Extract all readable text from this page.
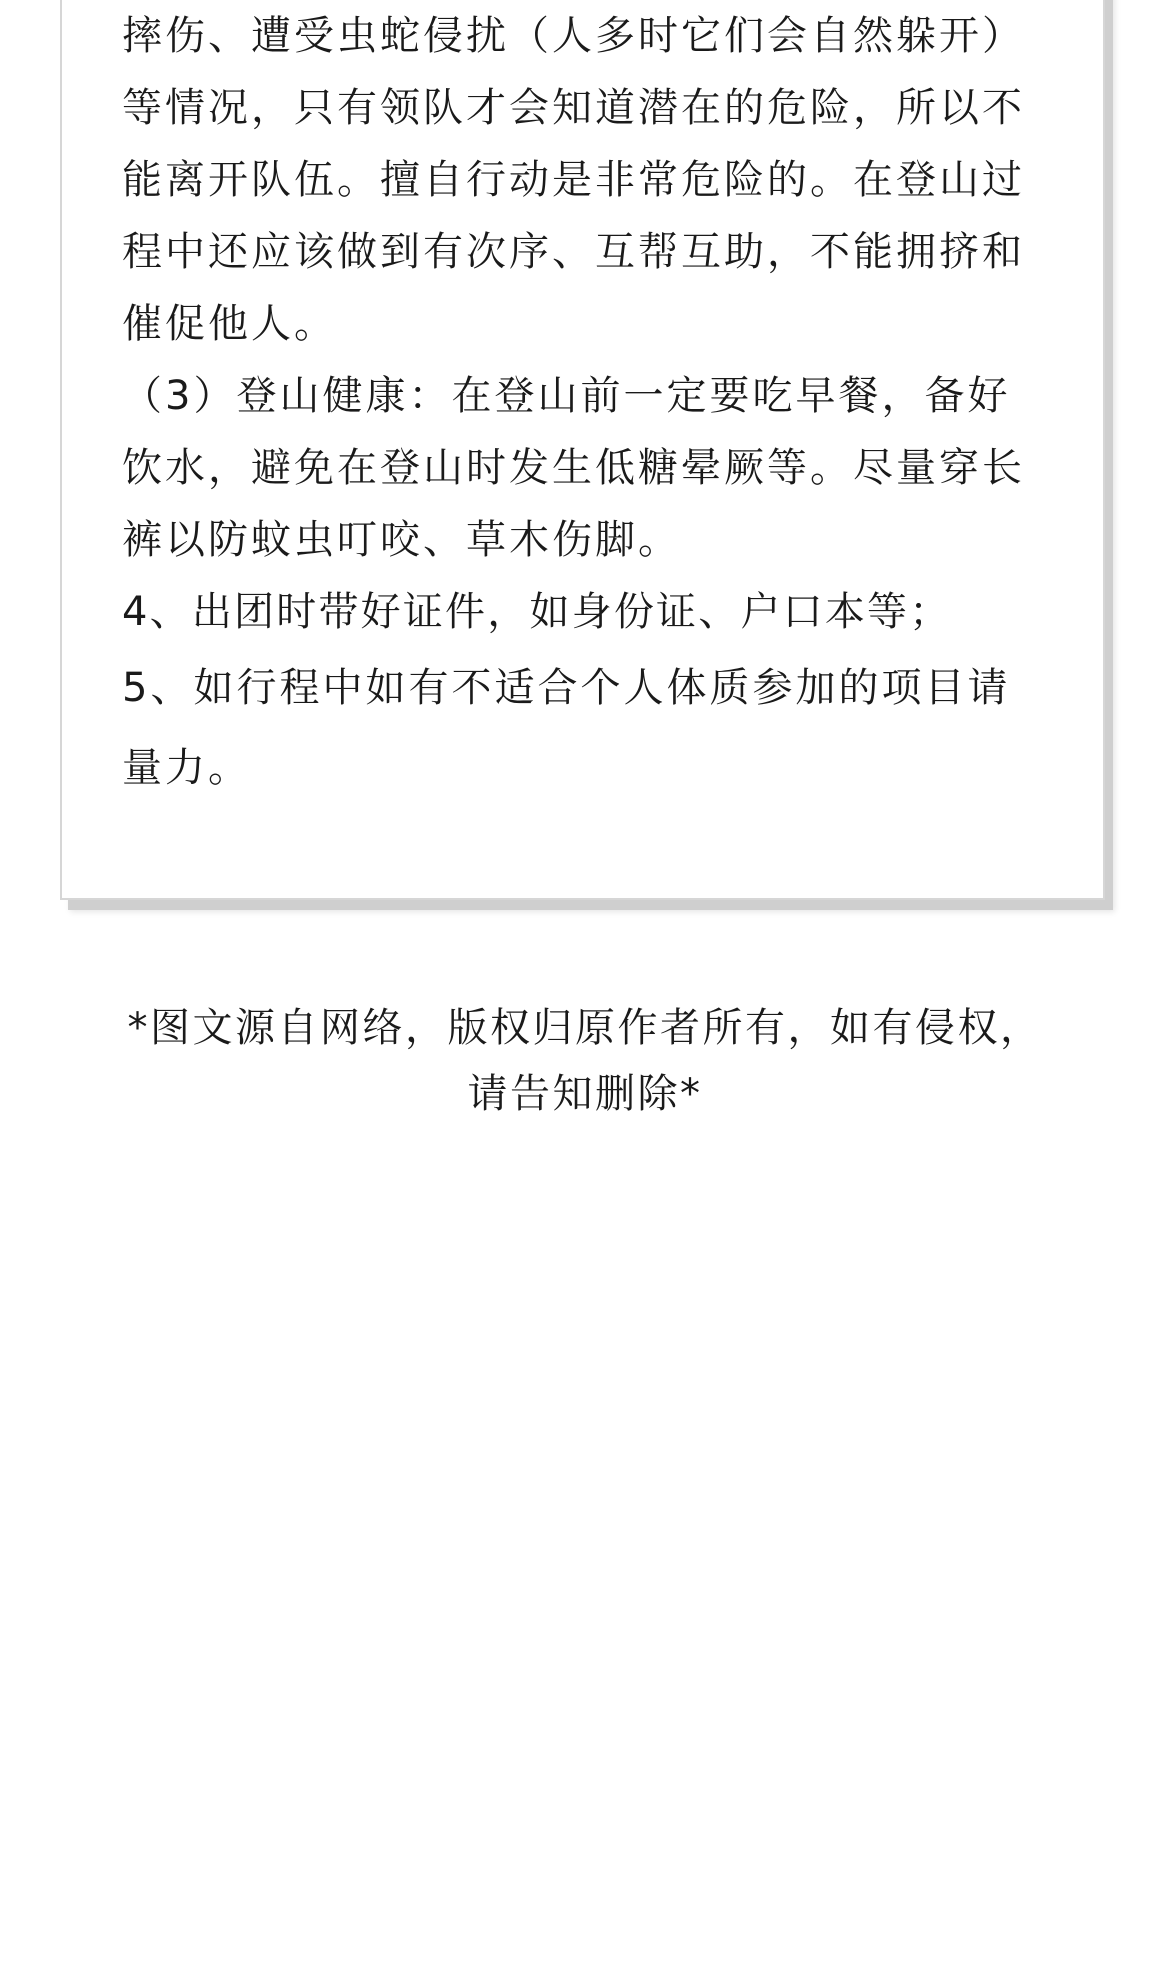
摔伤、遭受虫蛇侵扰（人多时它们会自然躲开）
等情况，只有领队才会知道潜在的危险，所以不
能离开队伍。擅自行动是非常危险的。在登山过
程中还应该做到有次序、互帮互助，不能拥挤和
催促他人。
（3）登山健康：在登山前一定要吃早餐，备好
饮水，避免在登山时发生低糖晕厥等。尽量穿长
裤以防蚊虫叮咬、草木伤脚。
4、出团时带好证件，如身份证、户口本等；
5、如行程中如有不适合个人体质参加的项目请
量力。
*图文源自网络，版权归原作者所有，如有侵权，
请告知删除*
